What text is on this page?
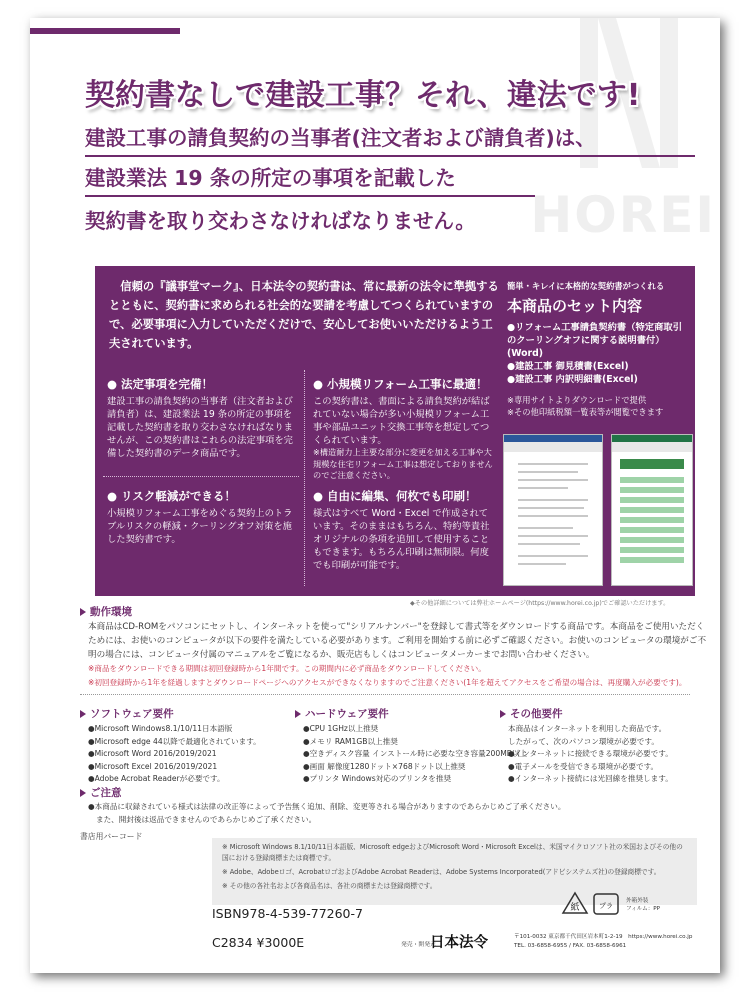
HOREI
契約書なしで建設工事？それ、違法です!
建設工事の請負契約の当事者(注文者および請負者)は、
建設業法 19 条の所定の事項を記載した
契約書を取り交わさなければなりません。
信頼の『議事堂マーク』、日本法令の契約書は、常に最新の法令に準拠するとともに、契約書に求められる社会的な要請を考慮してつくられていますので、必要事項に入力していただくだけで、安心してお使いいただけるよう工夫されています。
● 法定事項を完備！
建設工事の請負契約の当事者（注文者および請負者）は、建設業法 19 条の所定の事項を記載した契約書を取り交わさなければなりませんが、この契約書はこれらの法定事項を完備した契約書のデータ商品です。
● 小規模リフォーム工事に最適！
この契約書は、書面による請負契約が結ばれていない場合が多い小規模リフォーム工事や部品ユニット交換工事等を想定してつくられています。
※構造耐力上主要な部分に変更を加える工事や大規模な住宅リフォーム工事は想定しておりませんのでご注意ください。
● リスク軽減ができる！
小規模リフォーム工事をめぐる契約上のトラブルリスクの軽減・クーリングオフ対策を施した契約書です。
● 自由に編集、何枚でも印刷！
様式はすべて Word・Excel で作成されています。そのままはもちろん、特約等貴社オリジナルの条項を追加して使用することもできます。もちろん印刷は無制限。何度でも印刷が可能です。
簡単・キレイに本格的な契約書がつくれる
本商品のセット内容
●リフォーム工事請負契約書（特定商取引のクーリングオフに関する説明書付）(Word)
●建設工事 御見積書(Excel)
●建設工事 内訳明細書(Excel)
※専用サイトよりダウンロードで提供
※その他印紙税額一覧表等が閲覧できます
◆その他詳細については弊社ホームページ(https://www.horei.co.jp)でご確認いただけます。
動作環境
本商品はCD-ROMをパソコンにセットし、インターネットを使って"シリアルナンバー"を登録して書式等をダウンロードする商品です。本商品をご使用いただくためには、お使いのコンピュータが以下の要件を満たしている必要があります。ご利用を開始する前に必ずご確認ください。お使いのコンピュータの環境がご不明の場合には、コンピュータ付属のマニュアルをご覧になるか、販売店もしくはコンピュータメーカーまでお問い合わせください。
※商品をダウンロードできる期間は初回登録時から1年間です。この期間内に必ず商品をダウンロードしてください。
※初回登録時から1年を経過しますとダウンロードページへのアクセスができなくなりますのでご注意ください(1年を超えてアクセスをご希望の場合は、再度購入が必要です)。
ソフトウェア要件
●Microsoft Windows8.1/10/11日本語版
●Microsoft edge 44以降で最適化されています。
●Microsoft Word 2016/2019/2021
●Microsoft Excel 2016/2019/2021
●Adobe Acrobat Readerが必要です。
ハードウェア要件
●CPU 1GHz以上推奨
●メモリ RAM1GB以上推奨
●空きディスク容量 インストール時に必要な空き容量200MB以上
●画面 解像度1280ドット×768ドット以上推奨
●プリンタ Windows対応のプリンタを推奨
その他要件
本商品はインターネットを利用した商品です。
したがって、次のパソコン環境が必要です。
●インターネットに接続できる環境が必要です。
●電子メールを受信できる環境が必要です。
●インターネット接続には光回線を推奨します。
ご注意
●本商品に収録されている様式は法律の改正等によって予告無く追加、削除、変更等される場合がありますのであらかじめご了承ください。
また、開封後は返品できませんのであらかじめご了承ください。
書店用バーコード
※ Microsoft Windows 8.1/10/11日本語版、Microsoft edgeおよびMicrosoft Word・Microsoft Excelは、米国マイクロソフト社の米国およびその他の国における登録商標または商標です。
※ Adobe、Adobeロゴ、AcrobatロゴおよびAdobe Acrobat Readerは、Adobe Systems Incorporated(アドビシステムズ社)の登録商標です。
※ その他の各社名および各商品名は、各社の商標または登録商標です。
ISBN978-4-539-77260-7
C2834 ¥3000E
紙	プラ
外箱外装
フィルム：PP
発売・開発元
日本法令	〒101-0032 東京都千代田区岩本町1-2-19　 https://www.horei.co.jp
TEL. 03-6858-6955 / FAX. 03-6858-6961
